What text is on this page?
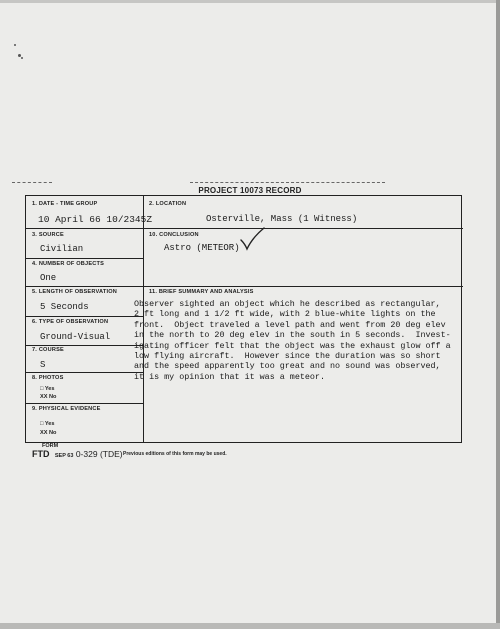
PROJECT 10073 RECORD
1. DATE - TIME GROUP
10 April 66 10/2345Z
2. LOCATION
Osterville, Mass (1 Witness)
3. SOURCE
Civilian
10. CONCLUSION
Astro (METEOR)
4. NUMBER OF OBJECTS
One
5. LENGTH OF OBSERVATION
5 Seconds
11. BRIEF SUMMARY AND ANALYSIS
Observer sighted an object which he described as rectangular,
2 ft long and 1 1/2 ft wide, with 2 blue-white lights on the
front.  Object traveled a level path and went from 20 deg elev
in the north to 20 deg elev in the south in 5 seconds.  Invest-
igating officer felt that the object was the exhaust glow off a
low flying aircraft.  However since the duration was so short
and the speed apparently too great and no sound was observed,
it is my opinion that it was a meteor.
6. TYPE OF OBSERVATION
Ground-Visual
7. COURSE
S
8. PHOTOS
□ Yes
XX No
9. PHYSICAL EVIDENCE
□ Yes
XX No
FORM
FTD SEP 63 0-329 (TDE) Previous editions of this form may be used.
